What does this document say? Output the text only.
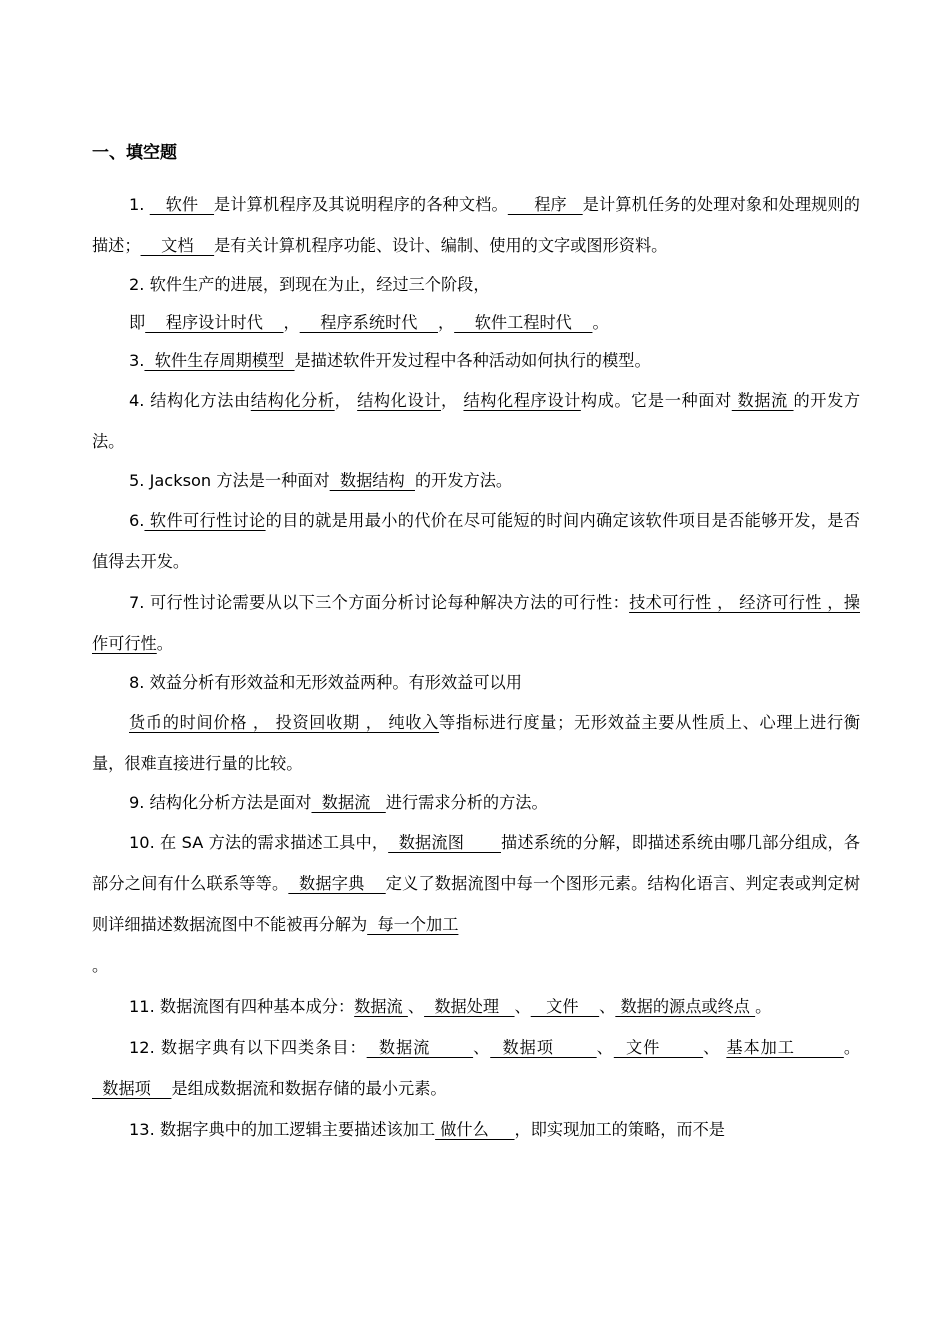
一、填空题

1.    软件   是计算机程序及其说明程序的各种文档。     程序   是计算机任务的处理对象和处理规则的描述；    文档    是有关计算机程序功能、设计、编制、使用的文字或图形资料。

2. 软件生产的进展，到现在为止，经过三个阶段，

即    程序设计时代    ，    程序系统时代    ，    软件工程时代    。

3.  软件生存周期模型  是描述软件开发过程中各种活动如何执行的模型。

4. 结构化方法由结构化分析， 结构化设计， 结构化程序设计构成。它是一种面对 数据流 的开发方法。

5. Jackson 方法是一种面对  数据结构  的开发方法。

6. 软件可行性讨论的目的就是用最小的代价在尽可能短的时间内确定该软件项目是否能够开发，是否值得去开发。

7. 可行性讨论需要从以下三个方面分析讨论每种解决方法的可行性：技术可行性 ， 经济可行性 ，操作可行性。

8. 效益分析有形效益和无形效益两种。有形效益可以用

货币的时间价格 ， 投资回收期 ， 纯收入等指标进行度量；无形效益主要从性质上、心理上进行衡量，很难直接进行量的比较。

9. 结构化分析方法是面对  数据流   进行需求分析的方法。

10. 在 SA 方法的需求描述工具中，  数据流图       描述系统的分解，即描述系统由哪几部分组成，各部分之间有什么联系等等。  数据字典    定义了数据流图中每一个图形元素。结构化语言、判定表或判定树则详细描述数据流图中不能被再分解为  每一个加工
。

11. 数据流图有四种基本成分：数据流 、  数据处理   、   文件    、 数据的源点或终点 。

12. 数据字典有以下四类条目：  数据流       、  数据项       、  文件       、 基本加工        。  数据项    是组成数据流和数据存储的最小元素。

13. 数据字典中的加工逻辑主要描述该加工 做什么     ，即实现加工的策略，而不是
